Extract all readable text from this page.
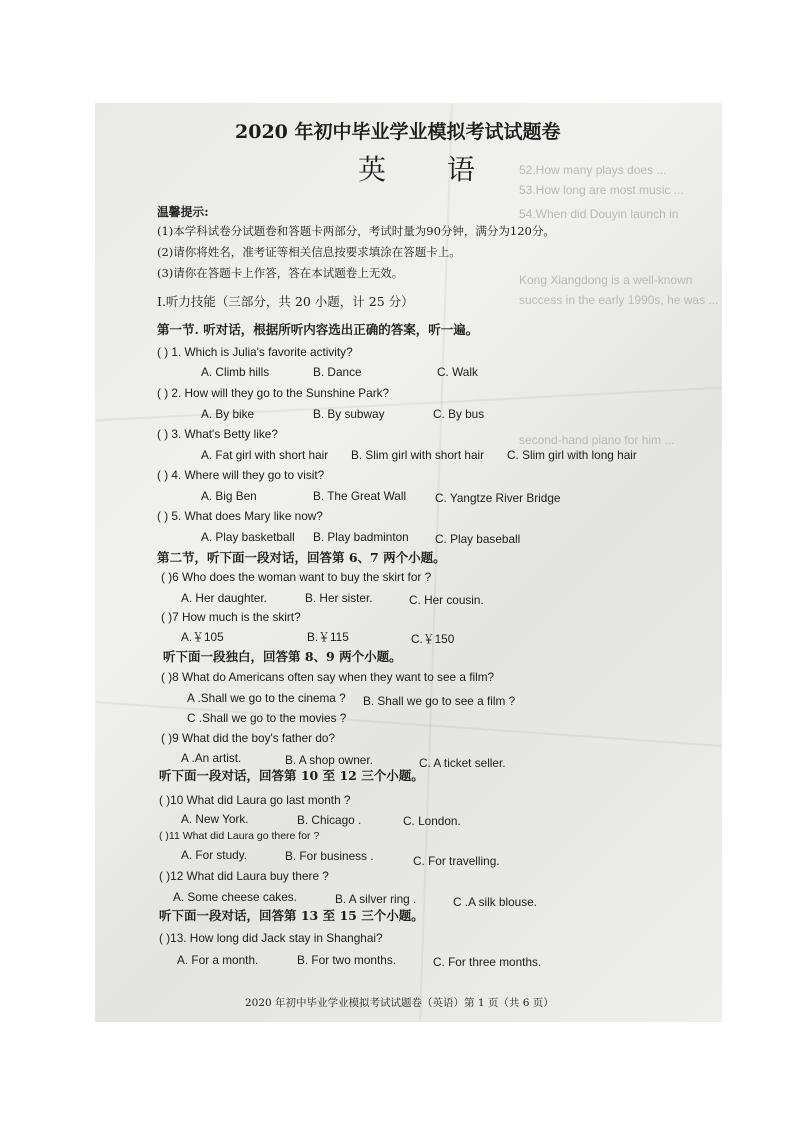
52.How many plays does ...
53.How long are most music ...
54.When did Douyin launch in
Kong Xiangdong is a well-known
success in the early 1990s, he was ...
second-hand piano for him ...
2020 年初中毕业学业模拟考试试题卷
英 语
温馨提示:
(1)本学科试卷分试题卷和答题卡两部分，考试时量为90分钟，满分为120分。
(2)请你将姓名，准考证等相关信息按要求填涂在答题卡上。
(3)请你在答题卡上作答，答在本试题卷上无效。
I.听力技能（三部分，共 20 小题，计 25 分）
第一节. 听对话，根据所听内容选出正确的答案，听一遍。
( ) 1. Which is Julia's favorite activity?
A. Climb hills	B. Dance	C. Walk
( ) 2. How will they go to the Sunshine Park?
A. By bike	B. By subway	C. By bus
( ) 3. What's Betty like?
A. Fat girl with short hair B. Slim girl with short hair C. Slim girl with long hair
( ) 4. Where will they go to visit?
A. Big Ben	B. The Great Wall C. Yangtze River Bridge
( ) 5. What does Mary like now?
A. Play basketball B. Play badminton C. Play baseball
第二节，听下面一段对话，回答第 6、7 两个小题。
( )6 Who does the woman want to buy the skirt for ?
A. Her daughter.	B. Her sister.	C. Her cousin.
( )7 How much is the skirt?
A.￥105	B.￥115	C.￥150
听下面一段独白，回答第 8、9 两个小题。
( )8 What do Americans often say when they want to see a film?
A .Shall we go to the cinema ? B. Shall we go to see a film ?
C .Shall we go to the movies ?
( )9 What did the boy's father do?
A .An artist.	B. A shop owner.	C. A ticket seller.
听下面一段对话，回答第 10 至 12 三个小题。
( )10 What did Laura go last month ?
A. New York.	B. Chicago .	C. London.
( )11 What did Laura go there for ?
A. For study.	B. For business .	C. For travelling.
( )12 What did Laura buy there ?
A. Some cheese cakes.	B. A silver ring .	C .A silk blouse.
听下面一段对话，回答第 13 至 15 三个小题。
( )13. How long did Jack stay in Shanghai?
A. For a month.	B. For two months.	C. For three months.
2020 年初中毕业学业模拟考试试题卷（英语）第 1 页（共 6 页）
